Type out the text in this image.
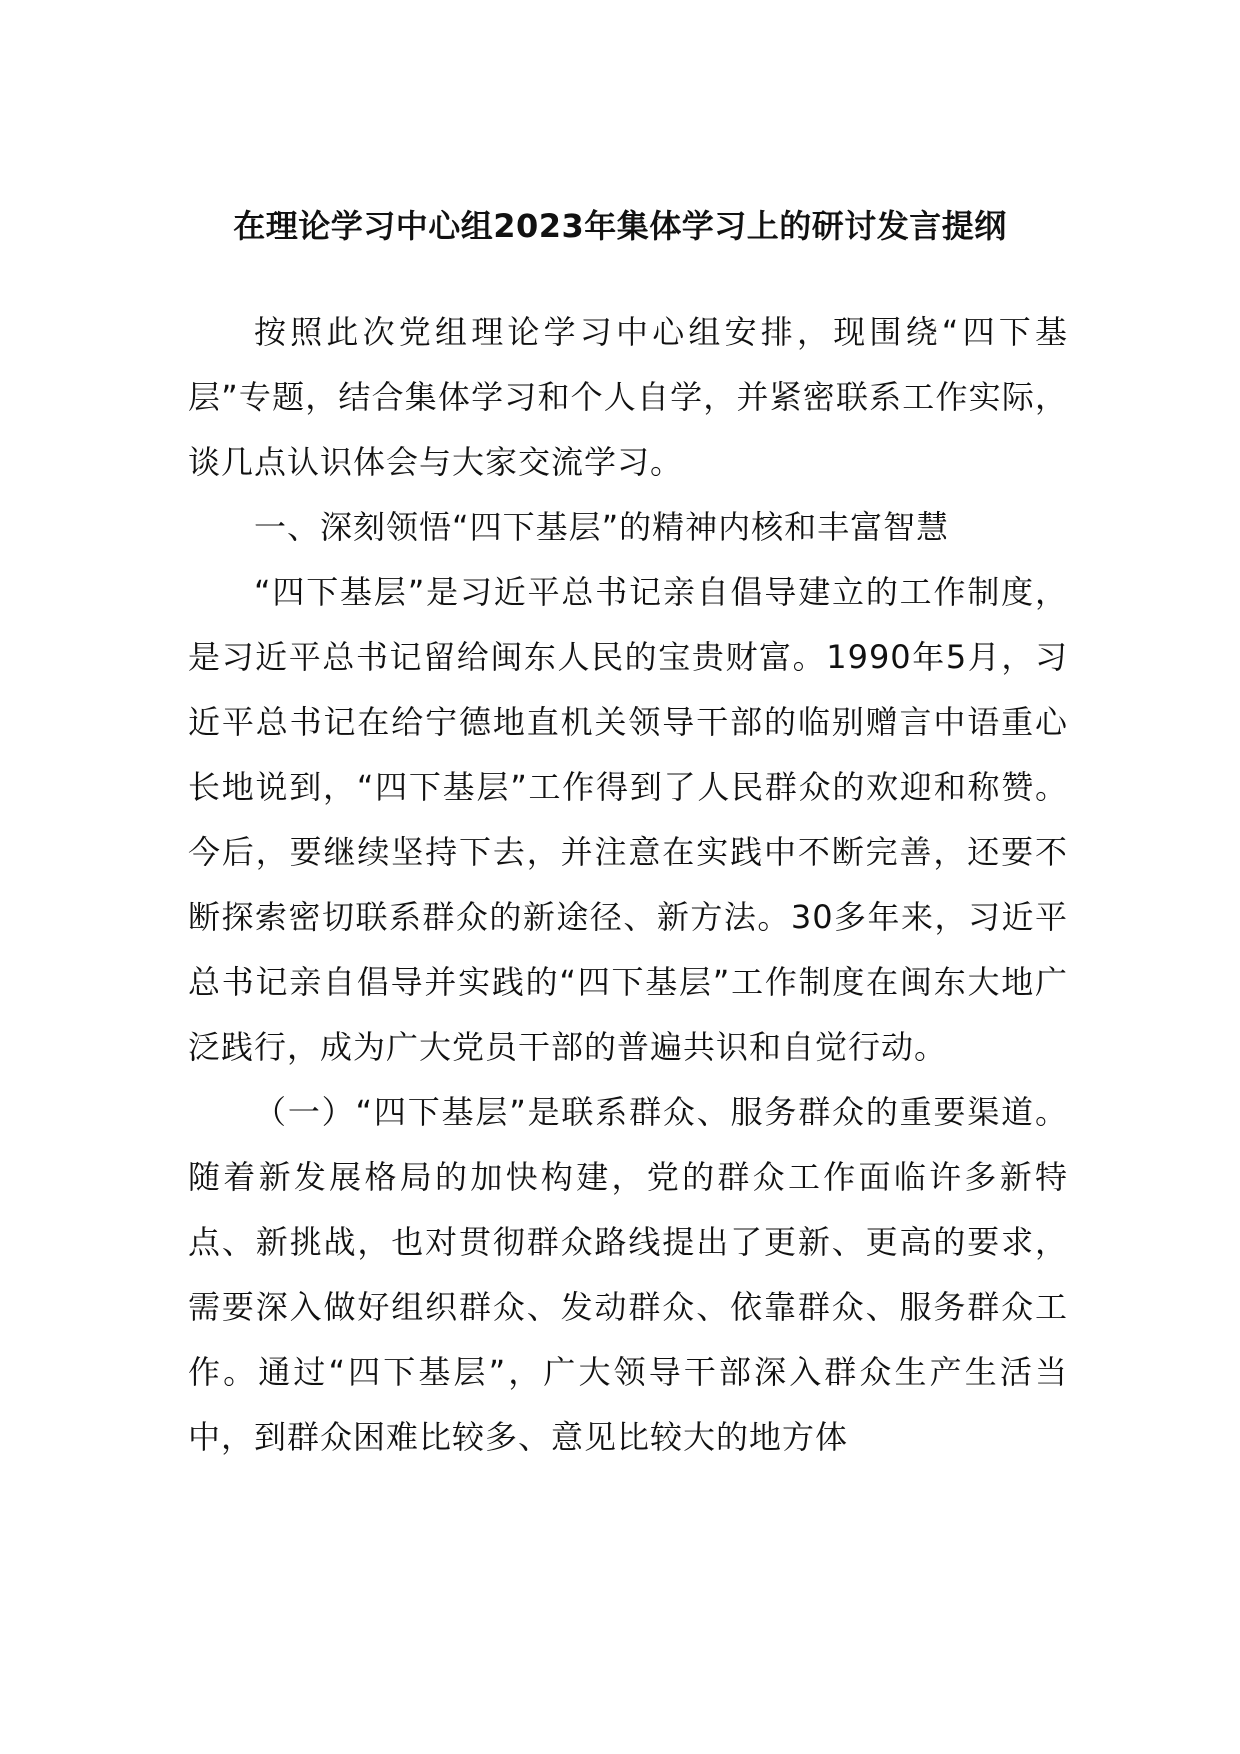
在理论学习中心组2023年集体学习上的研讨发言提纲

按照此次党组理论学习中心组安排，现围绕“四下基层”专题，结合集体学习和个人自学，并紧密联系工作实际，谈几点认识体会与大家交流学习。

一、深刻领悟“四下基层”的精神内核和丰富智慧

“四下基层”是习近平总书记亲自倡导建立的工作制度，是习近平总书记留给闽东人民的宝贵财富。1990年5月，习近平总书记在给宁德地直机关领导干部的临别赠言中语重心长地说到，“四下基层”工作得到了人民群众的欢迎和称赞。今后，要继续坚持下去，并注意在实践中不断完善，还要不断探索密切联系群众的新途径、新方法。30多年来，习近平总书记亲自倡导并实践的“四下基层”工作制度在闽东大地广泛践行，成为广大党员干部的普遍共识和自觉行动。

（一）“四下基层”是联系群众、服务群众的重要渠道。随着新发展格局的加快构建，党的群众工作面临许多新特点、新挑战，也对贯彻群众路线提出了更新、更高的要求，需要深入做好组织群众、发动群众、依靠群众、服务群众工作。通过“四下基层”，广大领导干部深入群众生产生活当中，到群众困难比较多、意见比较大的地方体
